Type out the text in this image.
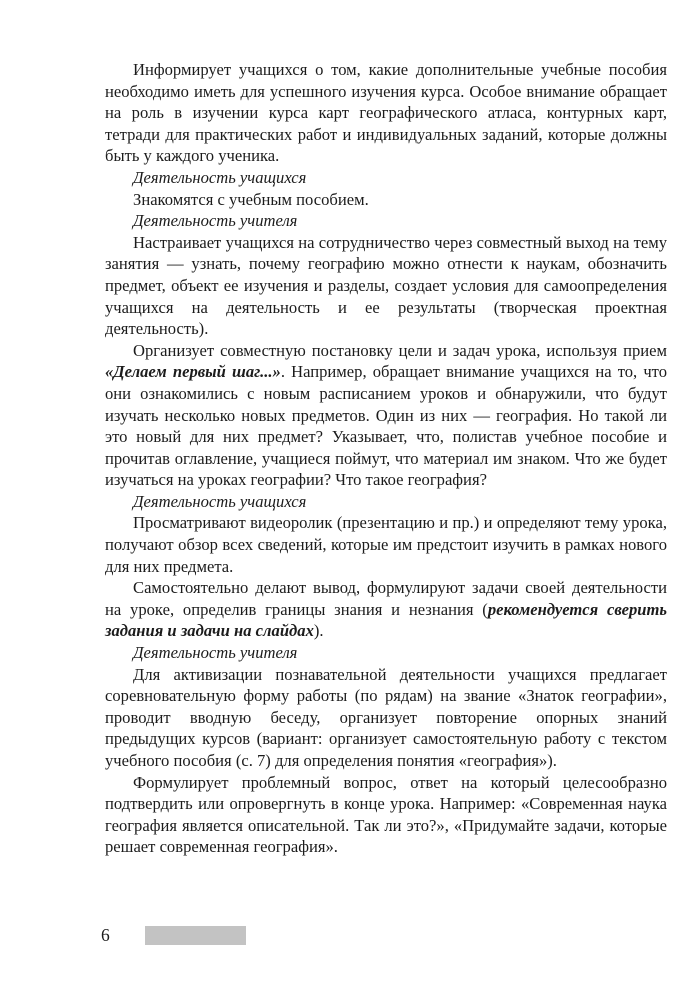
Информирует учащихся о том, какие дополнительные учебные пособия необходимо иметь для успешного изучения курса. Особое внимание обращает на роль в изучении курса карт географического атласа, контурных карт, тетради для практических работ и индивидуальных заданий, которые должны быть у каждого ученика.

Деятельность учащихся

Знакомятся с учебным пособием.

Деятельность учителя

Настраивает учащихся на сотрудничество через совместный выход на тему занятия — узнать, почему географию можно отнести к наукам, обозначить предмет, объект ее изучения и разделы, создает условия для самоопределения учащихся на деятельность и ее результаты (творческая проектная деятельность).

Организует совместную постановку цели и задач урока, используя прием «Делаем первый шаг...». Например, обращает внимание учащихся на то, что они ознакомились с новым расписанием уроков и обнаружили, что будут изучать несколько новых предметов. Один из них — география. Но такой ли это новый для них предмет? Указывает, что, полистав учебное пособие и прочитав оглавление, учащиеся поймут, что материал им знаком. Что же будет изучаться на уроках географии? Что такое география?

Деятельность учащихся

Просматривают видеоролик (презентацию и пр.) и определяют тему урока, получают обзор всех сведений, которые им предстоит изучить в рамках нового для них предмета.

Самостоятельно делают вывод, формулируют задачи своей деятельности на уроке, определив границы знания и незнания (рекомендуется сверить задания и задачи на слайдах).

Деятельность учителя

Для активизации познавательной деятельности учащихся предлагает соревновательную форму работы (по рядам) на звание «Знаток географии», проводит вводную беседу, организует повторение опорных знаний предыдущих курсов (вариант: организует самостоятельную работу с текстом учебного пособия (с. 7) для определения понятия «география»).

Формулирует проблемный вопрос, ответ на который целесообразно подтвердить или опровергнуть в конце урока. Например: «Современная наука география является описательной. Так ли это?», «Придумайте задачи, которые решает современная география».

6
